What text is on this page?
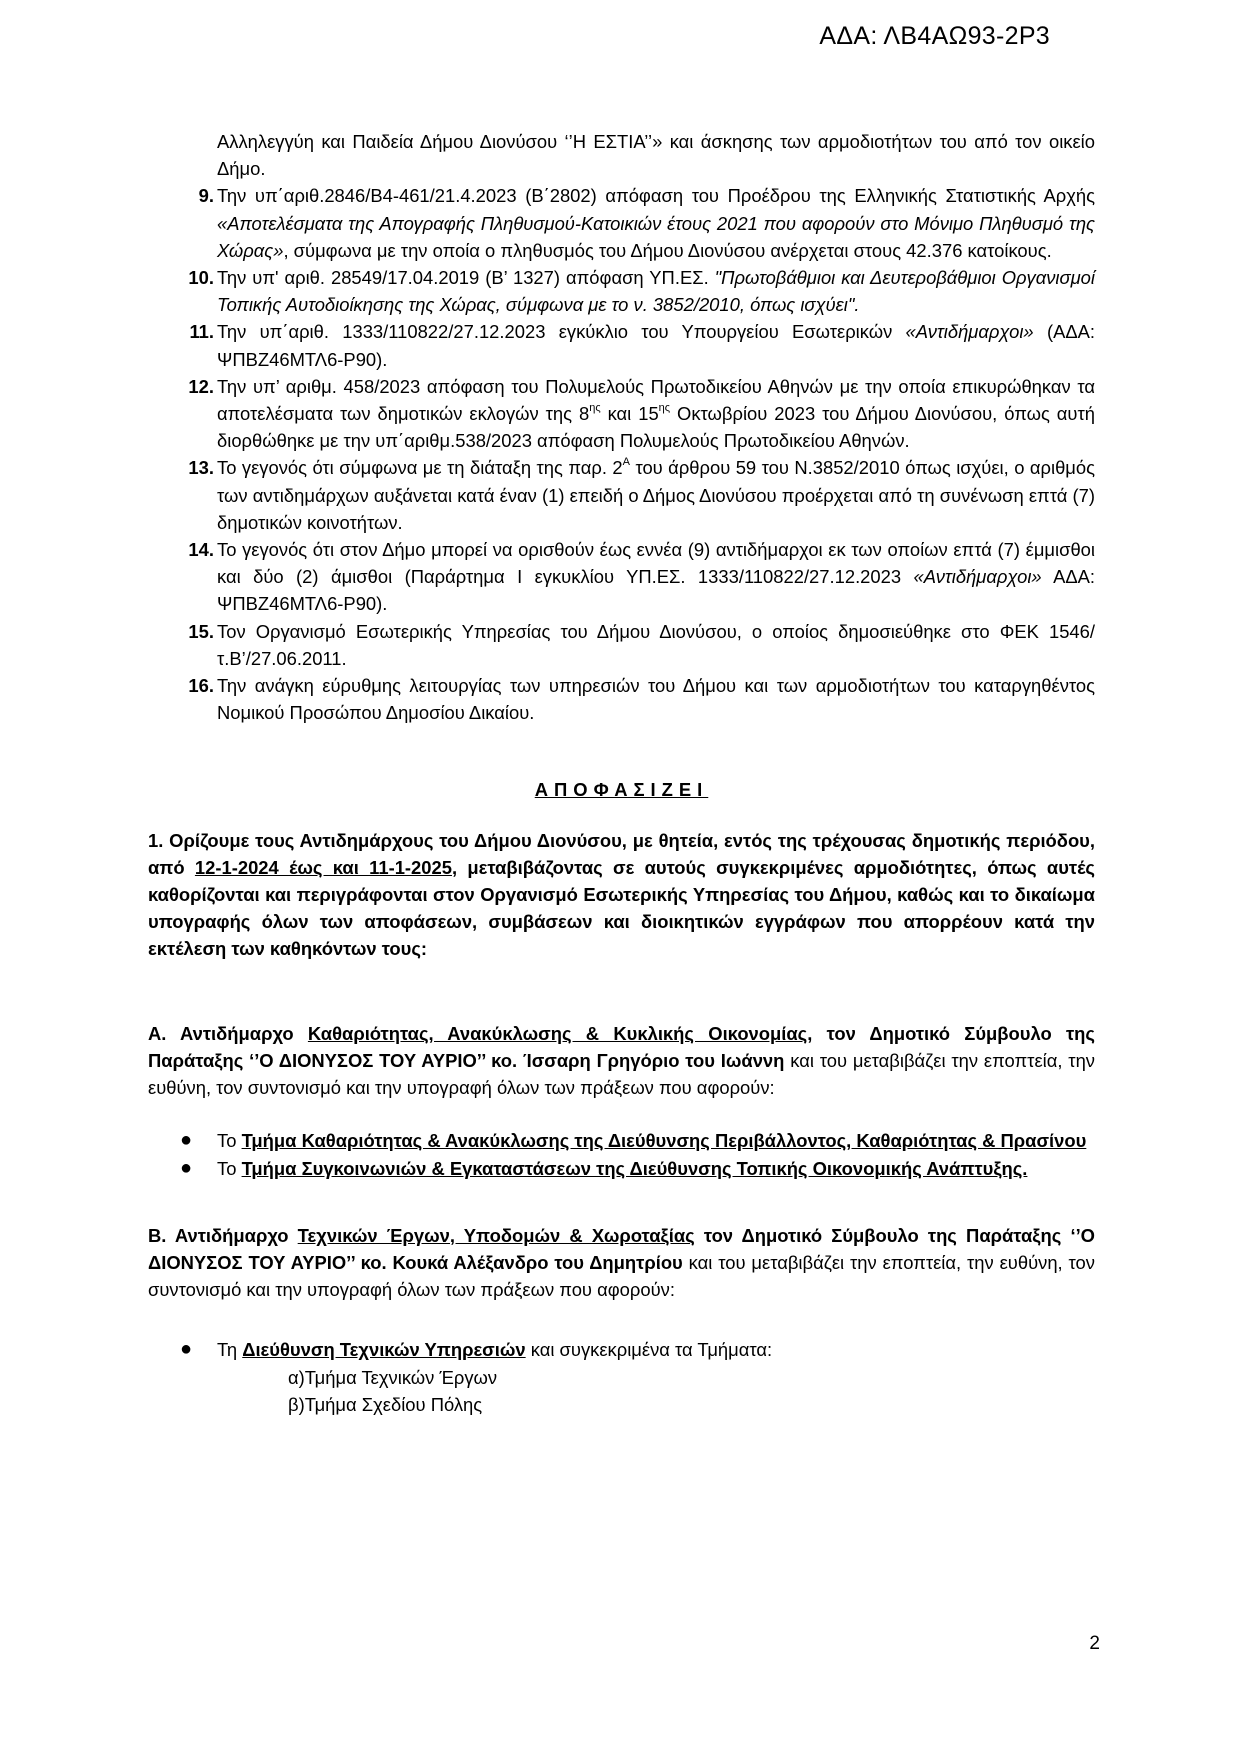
ΑΔΑ: ΛΒ4ΑΩ93-2Ρ3
Αλληλεγγύη και Παιδεία Δήμου Διονύσου ‘’Η ΕΣΤΙΑ’’» και άσκησης των αρμοδιοτήτων του από τον οικείο Δήμο.
9. Την υπ΄αριθ.2846/Β4-461/21.4.2023 (Β΄2802) απόφαση του Προέδρου της Ελληνικής Στατιστικής Αρχής «Αποτελέσματα της Απογραφής Πληθυσμού-Κατοικιών έτους 2021 που αφορούν στο Μόνιμο Πληθυσμό της Χώρας», σύμφωνα με την οποία ο πληθυσμός του Δήμου Διονύσου ανέρχεται στους 42.376 κατοίκους.
10. Την υπ' αριθ. 28549/17.04.2019 (Β’ 1327) απόφαση ΥΠ.ΕΣ. "Πρωτοβάθμιοι και Δευτεροβάθμιοι Οργανισμοί Τοπικής Αυτοδιοίκησης της Χώρας, σύμφωνα με το ν. 3852/2010, όπως ισχύει".
11. Την υπ΄αριθ. 1333/110822/27.12.2023 εγκύκλιο του Υπουργείου Εσωτερικών «Αντιδήμαρχοι» (ΑΔΑ: ΨΠΒΖ46ΜΤΛ6-Ρ90).
12. Την υπ’ αριθμ. 458/2023 απόφαση του Πολυμελούς Πρωτοδικείου Αθηνών με την οποία επικυρώθηκαν τα αποτελέσματα των δημοτικών εκλογών της $8^{\eta\varsigma}$ και $15^{\eta\varsigma}$ Οκτωβρίου 2023 του Δήμου Διονύσου, όπως αυτή διορθώθηκε με την υπ΄αριθμ.538/2023 απόφαση Πολυμελούς Πρωτοδικείου Αθηνών.
13. Το γεγονός ότι σύμφωνα με τη διάταξη της παρ. $2^A$ του άρθρου 59 του Ν.3852/2010 όπως ισχύει, ο αριθμός των αντιδημάρχων αυξάνεται κατά έναν (1) επειδή ο Δήμος Διονύσου προέρχεται από τη συνένωση επτά (7) δημοτικών κοινοτήτων.
14. Το γεγονός ότι στον Δήμο μπορεί να ορισθούν έως εννέα (9) αντιδήμαρχοι εκ των οποίων επτά (7) έμμισθοι και δύο (2) άμισθοι (Παράρτημα Ι εγκυκλίου ΥΠ.ΕΣ. 1333/110822/27.12.2023 «Αντιδήμαρχοι» ΑΔΑ: ΨΠΒΖ46ΜΤΛ6-Ρ90).
15. Τον Οργανισμό Εσωτερικής Υπηρεσίας του Δήμου Διονύσου, ο οποίος δημοσιεύθηκε στο ΦΕΚ 1546/τ.Β’/27.06.2011.
16. Την ανάγκη εύρυθμης λειτουργίας των υπηρεσιών του Δήμου και των αρμοδιοτήτων του καταργηθέντος Νομικού Προσώπου Δημοσίου Δικαίου.
ΑΠΟΦΑΣΙΖΕΙ
1. Ορίζουμε τους Αντιδημάρχους του Δήμου Διονύσου, με θητεία, εντός της τρέχουσας δημοτικής περιόδου, από 12-1-2024 έως και 11-1-2025, μεταβιβάζοντας σε αυτούς συγκεκριμένες αρμοδιότητες, όπως αυτές καθορίζονται και περιγράφονται στον Οργανισμό Εσωτερικής Υπηρεσίας του Δήμου, καθώς και το δικαίωμα υπογραφής όλων των αποφάσεων, συμβάσεων και διοικητικών εγγράφων που απορρέουν κατά την εκτέλεση των καθηκόντων τους:
Α. Αντιδήμαρχο Καθαριότητας, Ανακύκλωσης & Κυκλικής Οικονομίας, τον Δημοτικό Σύμβουλο της Παράταξης ‘’Ο ΔΙΟΝΥΣΟΣ ΤΟΥ ΑΥΡΙΟ’’ κο. Ίσσαρη Γρηγόριο του Ιωάννη και του μεταβιβάζει την εποπτεία, την ευθύνη, τον συντονισμό και την υπογραφή όλων των πράξεων που αφορούν:
● Το Τμήμα Καθαριότητας & Ανακύκλωσης της Διεύθυνσης Περιβάλλοντος, Καθαριότητας & Πρασίνου
● Το Τμήμα Συγκοινωνιών & Εγκαταστάσεων της Διεύθυνσης Τοπικής Οικονομικής Ανάπτυξης.
Β. Αντιδήμαρχο Τεχνικών Έργων, Υποδομών & Χωροταξίας τον Δημοτικό Σύμβουλο της Παράταξης ‘’Ο ΔΙΟΝΥΣΟΣ ΤΟΥ ΑΥΡΙΟ’’ κο. Κουκά Αλέξανδρο του Δημητρίου και του μεταβιβάζει την εποπτεία, την ευθύνη, τον συντονισμό και την υπογραφή όλων των πράξεων που αφορούν:
● Τη Διεύθυνση Τεχνικών Υπηρεσιών και συγκεκριμένα τα Τμήματα:
α)Τμήμα Τεχνικών Έργων
β)Τμήμα Σχεδίου Πόλης
2
